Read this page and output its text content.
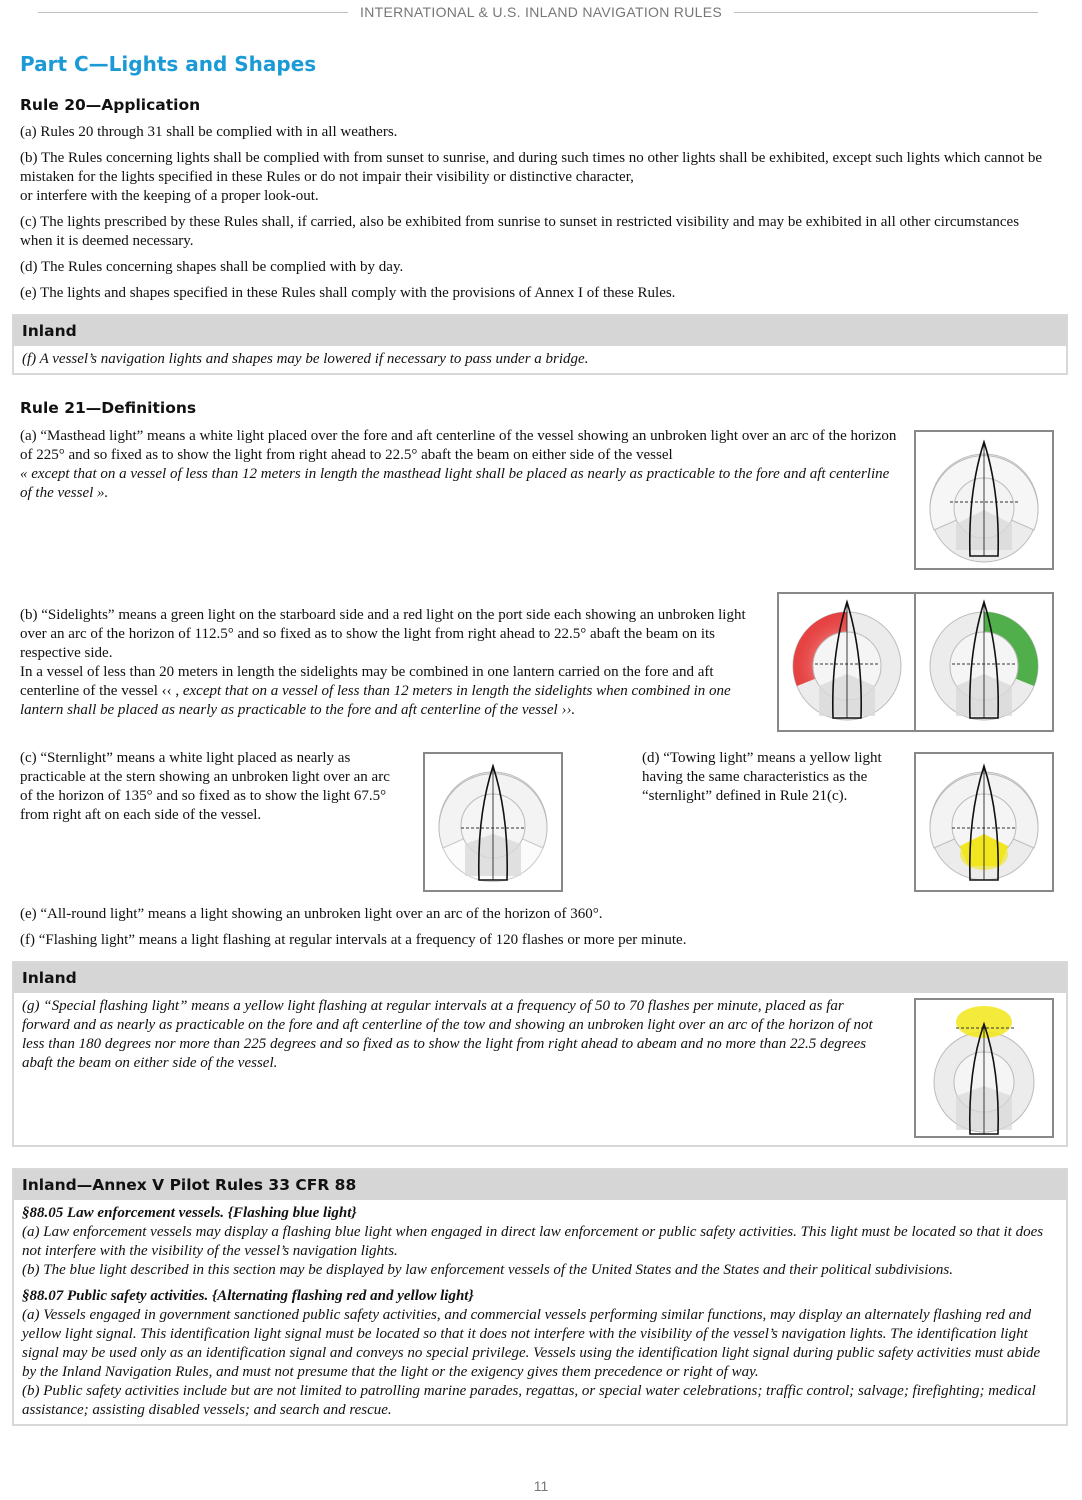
INTERNATIONAL & U.S. INLAND NAVIGATION RULES
Part C—Lights and Shapes
Rule 20—Application

(a) Rules 20 through 31 shall be complied with in all weathers.

(b) The Rules concerning lights shall be complied with from sunset to sunrise, and during such times no other lights shall be exhibited, except such lights which cannot be mistaken for the lights specified in these Rules or do not impair their visibility or distinctive character,

or interfere with the keeping of a proper look-out.

(c) The lights prescribed by these Rules shall, if carried, also be exhibited from sunrise to sunset in restricted visibility and may be exhibited in all other circumstances when it is deemed necessary.

(d) The Rules concerning shapes shall be complied with by day.

(e) The lights and shapes specified in these Rules shall comply with the provisions of Annex I of these Rules.

Inland
(f) A vessel’s navigation lights and shapes may be lowered if necessary to pass under a bridge.
Rule 21—Definitions

(a) “Masthead light” means a white light placed over the fore and aft centerline of the vessel showing an unbroken light over an arc of the horizon of 225° and so fixed as to show the light from right ahead to 22.5° abaft the beam on either side of the vessel

« except that on a vessel of less than 12 meters in length the masthead light shall be placed as nearly as practicable to the fore and aft centerline of the vessel ».

(b) “Sidelights” means a green light on the starboard side and a red light on the port side each showing an unbroken light over an arc of the horizon of 112.5° and so fixed as to show the light from right ahead to 22.5° abaft the beam on its respective side.

In a vessel of less than 20 meters in length the sidelights may be combined in one lantern carried on the fore and aft centerline of the vessel ‹‹ , except that on a vessel of less than 12 meters in length the sidelights when combined in one lantern shall be placed as nearly as practicable to the fore and aft centerline of the vessel ››.

(c) “Sternlight” means a white light placed as nearly as practicable at the stern showing an unbroken light over an arc of the horizon of 135° and so fixed as to show the light 67.5° from right aft on each side of the vessel.
(d) “Towing light” means a yellow light having the same characteristics as the “sternlight” defined in Rule 21(c).

(e) “All-round light” means a light showing an unbroken light over an arc of the horizon of 360°.

(f) “Flashing light” means a light flashing at regular intervals at a frequency of 120 flashes or more per minute.

Inland
(g) “Special flashing light” means a yellow light flashing at regular intervals at a frequency of 50 to 70 flashes per minute, placed as far forward and as nearly as practicable on the fore and aft centerline of the tow and showing an unbroken light over an arc of the horizon of not less than 180 degrees nor more than 225 degrees and so fixed as to show the light from right ahead to abeam and no more than 22.5 degrees abaft the beam on either side of the vessel.
Inland—Annex V Pilot Rules 33 CFR 88
§88.05 Law enforcement vessels. {Flashing blue light}
(a) Law enforcement vessels may display a flashing blue light when engaged in direct law enforcement or public safety activities. This light must be located so that it does not interfere with the visibility of the vessel’s navigation lights.
(b) The blue light described in this section may be displayed by law enforcement vessels of the United States and the States and their political subdivisions.
§88.07 Public safety activities. {Alternating flashing red and yellow light}
(a) Vessels engaged in government sanctioned public safety activities, and commercial vessels performing similar functions, may display an alternately flashing red and yellow light signal. This identification light signal must be located so that it does not interfere with the visibility of the vessel’s navigation lights. The identification light signal may be used only as an identification signal and conveys no special privilege. Vessels using the identification light signal during public safety activities must abide by the Inland Navigation Rules, and must not presume that the light or the exigency gives them precedence or right of way.
(b) Public safety activities include but are not limited to patrolling marine parades, regattas, or special water celebrations; traffic control; salvage; firefighting; medical assistance; assisting disabled vessels; and search and rescue.
11
